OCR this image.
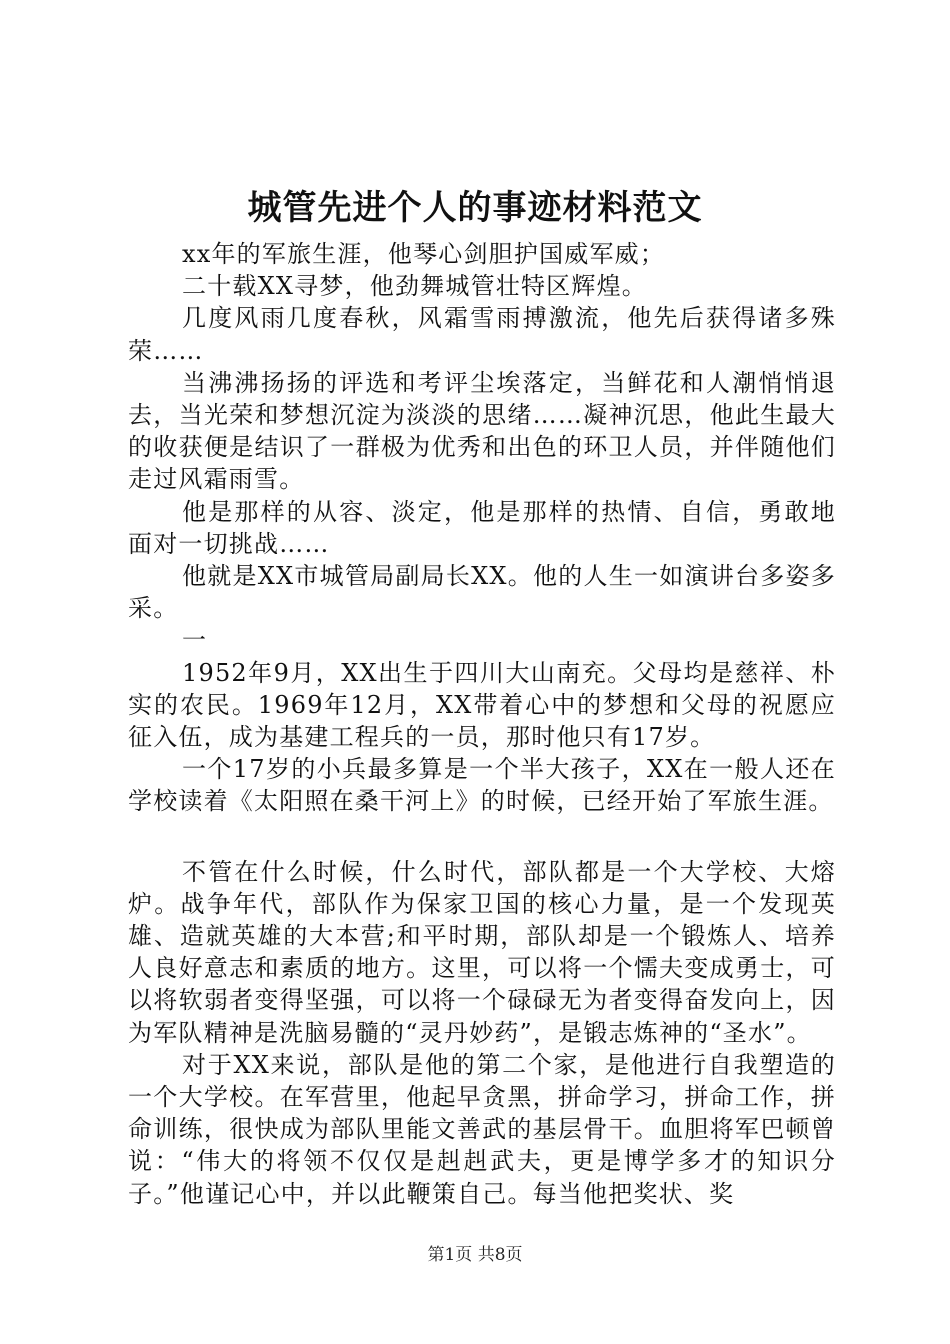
城管先进个人的事迹材料范文

xx年的军旅生涯，他琴心剑胆护国威军威；

二十载XX寻梦，他劲舞城管壮特区辉煌。

几度风雨几度春秋，风霜雪雨搏激流，他先后获得诸多殊荣……

当沸沸扬扬的评选和考评尘埃落定，当鲜花和人潮悄悄退去，当光荣和梦想沉淀为淡淡的思绪……凝神沉思，他此生最大的收获便是结识了一群极为优秀和出色的环卫人员，并伴随他们走过风霜雨雪。

他是那样的从容、淡定，他是那样的热情、自信，勇敢地面对一切挑战……

他就是XX市城管局副局长XX。他的人生一如演讲台多姿多采。

一

1952年9月，XX出生于四川大山南充。父母均是慈祥、朴实的农民。1969年12月，XX带着心中的梦想和父母的祝愿应征入伍，成为基建工程兵的一员，那时他只有17岁。

一个17岁的小兵最多算是一个半大孩子，XX在一般人还在学校读着《太阳照在桑干河上》的时候，已经开始了军旅生涯。

不管在什么时候，什么时代，部队都是一个大学校、大熔炉。战争年代，部队作为保家卫国的核心力量，是一个发现英雄、造就英雄的大本营;和平时期，部队却是一个锻炼人、培养人良好意志和素质的地方。这里，可以将一个懦夫变成勇士，可以将软弱者变得坚强，可以将一个碌碌无为者变得奋发向上，因为军队精神是洗脑易髓的“灵丹妙药”，是锻志炼神的“圣水”。

对于XX来说，部队是他的第二个家，是他进行自我塑造的一个大学校。在军营里，他起早贪黑，拼命学习，拼命工作，拼命训练，很快成为部队里能文善武的基层骨干。血胆将军巴顿曾说：“伟大的将领不仅仅是赳赳武夫，更是博学多才的知识分子。”他谨记心中，并以此鞭策自己。每当他把奖状、奖

第1页 共8页
